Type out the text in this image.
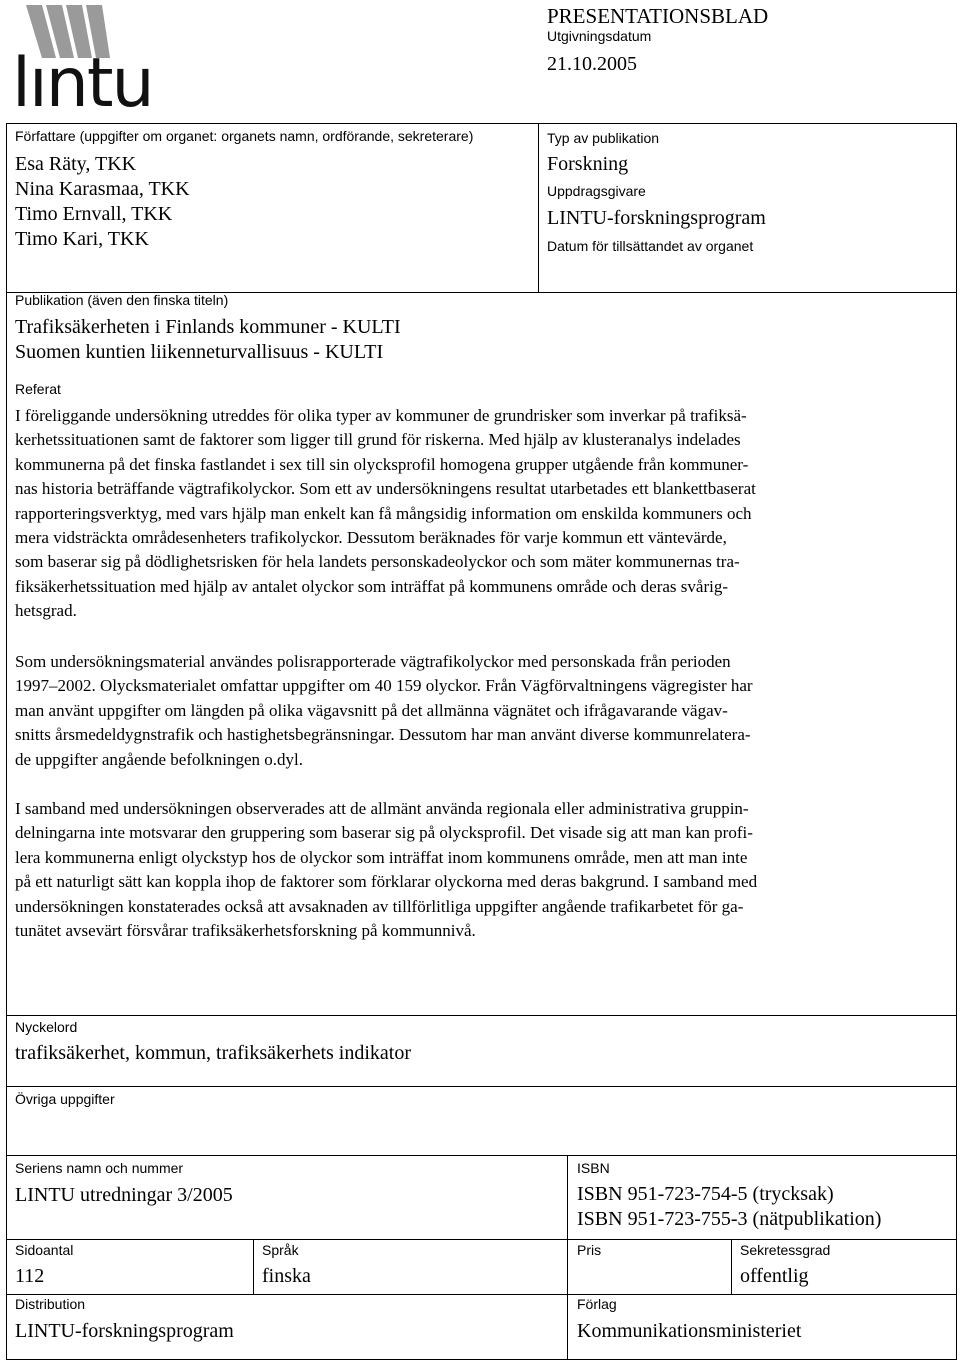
lıntu
PRESENTATIONSBLAD
Utgivningsdatum
21.10.2005
Författare (uppgifter om organet: organets namn, ordförande, sekreterare)
Esa Räty, TKK
Nina Karasmaa, TKK
Timo Ernvall, TKK
Timo Kari, TKK
Typ av publikation
Forskning
Uppdragsgivare
LINTU-forskningsprogram
Datum för tillsättandet av organet
Publikation (även den finska titeln)
Trafiksäkerheten i Finlands kommuner - KULTI
Suomen kuntien liikenneturvallisuus - KULTI
Referat
I föreliggande undersökning utreddes för olika typer av kommuner de grundrisker som inverkar på trafiksä-
kerhetssituationen samt de faktorer som ligger till grund för riskerna. Med hjälp av klusteranalys indelades
kommunerna på det finska fastlandet i sex till sin olycksprofil homogena grupper utgående från kommuner-
nas historia beträffande vägtrafikolyckor. Som ett av undersökningens resultat utarbetades ett blankettbaserat
rapporteringsverktyg, med vars hjälp man enkelt kan få mångsidig information om enskilda kommuners och
mera vidsträckta områdesenheters trafikolyckor. Dessutom beräknades för varje kommun ett väntevärde,
som baserar sig på dödlighetsrisken för hela landets personskadeolyckor och som mäter kommunernas tra-
fiksäkerhetssituation med hjälp av antalet olyckor som inträffat på kommunens område och deras svårig-
hetsgrad.
Som undersökningsmaterial användes polisrapporterade vägtrafikolyckor med personskada från perioden
1997–2002. Olycksmaterialet omfattar uppgifter om 40 159 olyckor. Från Vägförvaltningens vägregister har
man använt uppgifter om längden på olika vägavsnitt på det allmänna vägnätet och ifrågavarande vägav-
snitts årsmedeldygnstrafik och hastighetsbegränsningar. Dessutom har man använt diverse kommunrelatera-
de uppgifter angående befolkningen o.dyl.
I samband med undersökningen observerades att de allmänt använda regionala eller administrativa gruppin-
delningarna inte motsvarar den gruppering som baserar sig på olycksprofil. Det visade sig att man kan profi-
lera kommunerna enligt olyckstyp hos de olyckor som inträffat inom kommunens område, men att man inte
på ett naturligt sätt kan koppla ihop de faktorer som förklarar olyckorna med deras bakgrund. I samband med
undersökningen konstaterades också att avsaknaden av tillförlitliga uppgifter angående trafikarbetet för ga-
tunätet avsevärt försvårar trafiksäkerhetsforskning på kommunnivå.
Nyckelord
trafiksäkerhet, kommun, trafiksäkerhets indikator
Övriga uppgifter
Seriens namn och nummer
LINTU utredningar 3/2005
ISBN
ISBN 951-723-754-5 (trycksak)
ISBN 951-723-755-3 (nätpublikation)
Sidoantal
112
Språk
finska
Pris	Sekretessgrad
offentlig
Distribution
LINTU-forskningsprogram
Förlag
Kommunikationsministeriet
